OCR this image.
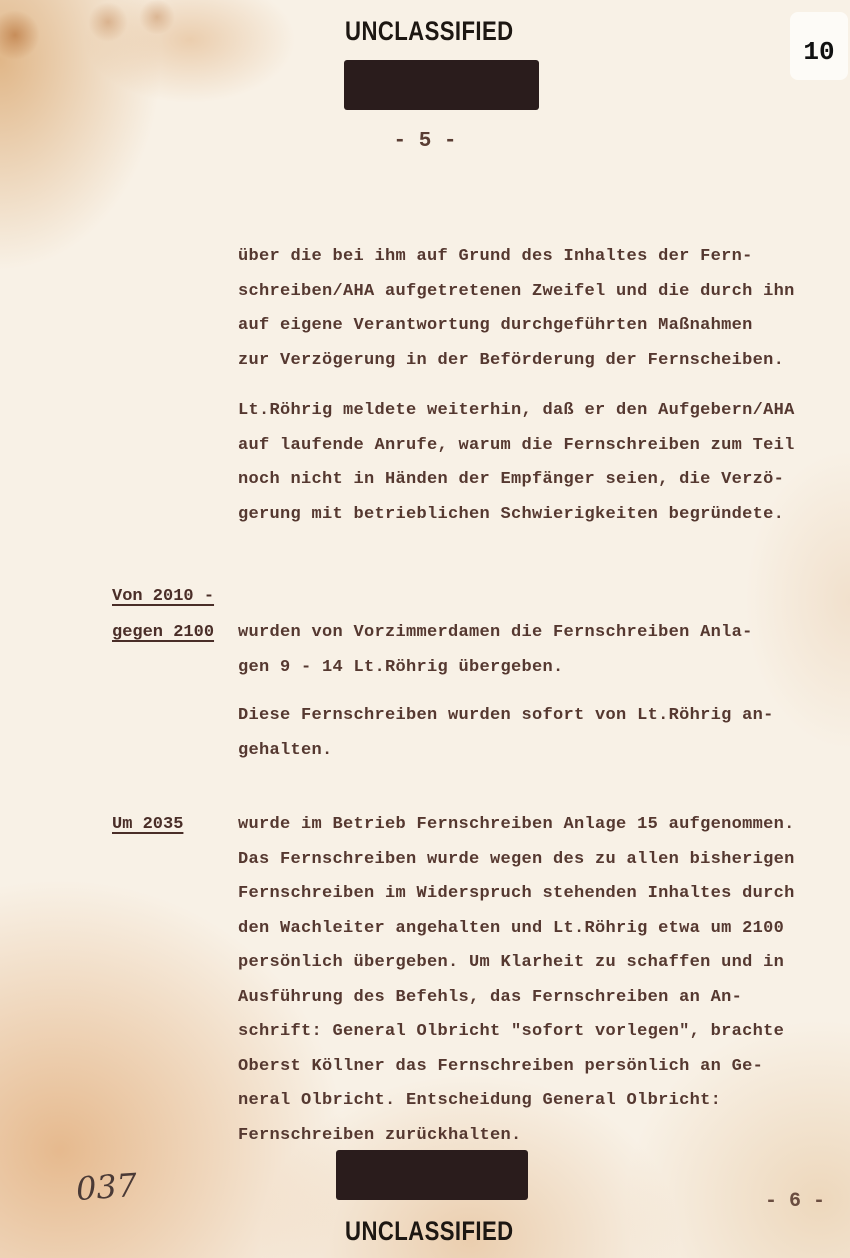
UNCLASSIFIED
10
- 5 -
über die bei ihm auf Grund des Inhaltes der Fern-
schreiben/AHA aufgetretenen Zweifel und die durch ihn
auf eigene Verantwortung durchgeführten Maßnahmen
zur Verzögerung in der Beförderung der Fernscheiben.
Lt.Röhrig meldete weiterhin, daß er den Aufgebern/AHA
auf laufende Anrufe, warum die Fernschreiben zum Teil
noch nicht in Händen der Empfänger seien, die Verzö-
gerung mit betrieblichen Schwierigkeiten begründete.
Von 2010 -
gegen 2100 wurden von Vorzimmerdamen die Fernschreiben Anla-
gen 9 - 14 Lt.Röhrig übergeben.
Diese Fernschreiben wurden sofort von Lt.Röhrig an-
gehalten.
Um 2035	wurde im Betrieb Fernschreiben Anlage 15 aufgenommen.
Das Fernschreiben wurde wegen des zu allen bisherigen
Fernschreiben im Widerspruch stehenden Inhaltes durch
den Wachleiter angehalten und Lt.Röhrig etwa um 2100
persönlich übergeben. Um Klarheit zu schaffen und in
Ausführung des Befehls, das Fernschreiben an An-
schrift: General Olbricht "sofort vorlegen", brachte
Oberst Köllner das Fernschreiben persönlich an Ge-
neral Olbricht. Entscheidung General Olbricht:
Fernschreiben zurückhalten.
037	- 6 -
UNCLASSIFIED
